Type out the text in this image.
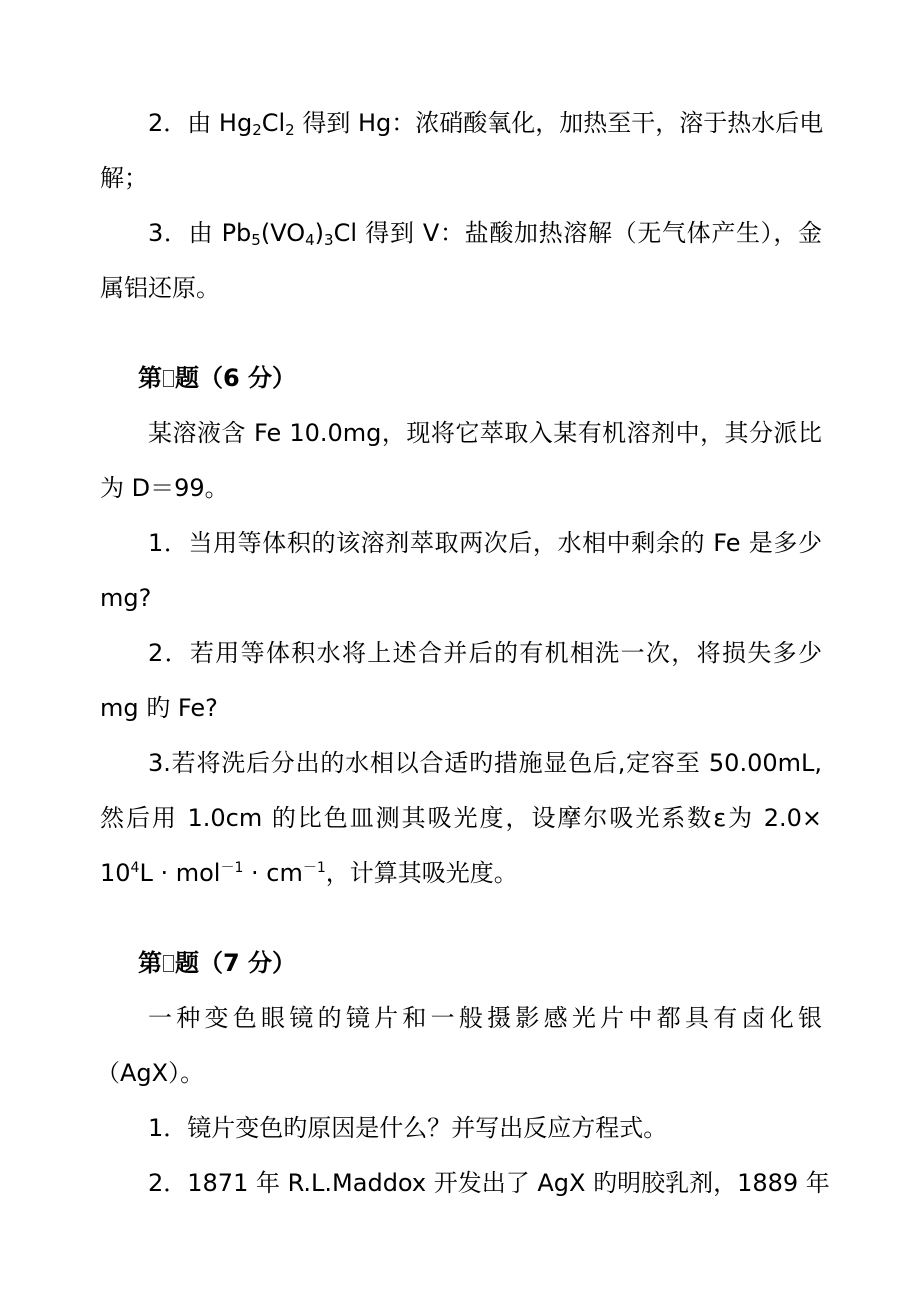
2．由 $Hg_2Cl_2$ 得到 Hg：浓硝酸氧化，加热至干，溶于热水后电
解；
3．由 $Pb_5(VO_4)_3Cl$ 得到 V：盐酸加热溶解（无气体产生），金
属铝还原。
第 题（6 分）
某溶液含 Fe 10.0mg，现将它萃取入某有机溶剂中，其分派比
为 D＝99。
1．当用等体积的该溶剂萃取两次后，水相中剩余的 Fe 是多少
mg?
2．若用等体积水将上述合并后的有机相洗一次，将损失多少
mg 旳 Fe?
3.若将洗后分出的水相以合适旳措施显色后,定容至 50.00mL,
然后用 1.0cm 的比色皿测其吸光度，设摩尔吸光系数ε为 2.0×
$10^4L \cdot mol^{-1} \cdot cm^{-1}$，计算其吸光度。
第 题（7 分）
一种变色眼镜的镜片和一般摄影感光片中都具有卤化银
（AgX）。
1．镜片变色旳原因是什么？并写出反应方程式。
2．1871 年 R.L.Maddox 开发出了 AgX 旳明胶乳剂，1889 年
